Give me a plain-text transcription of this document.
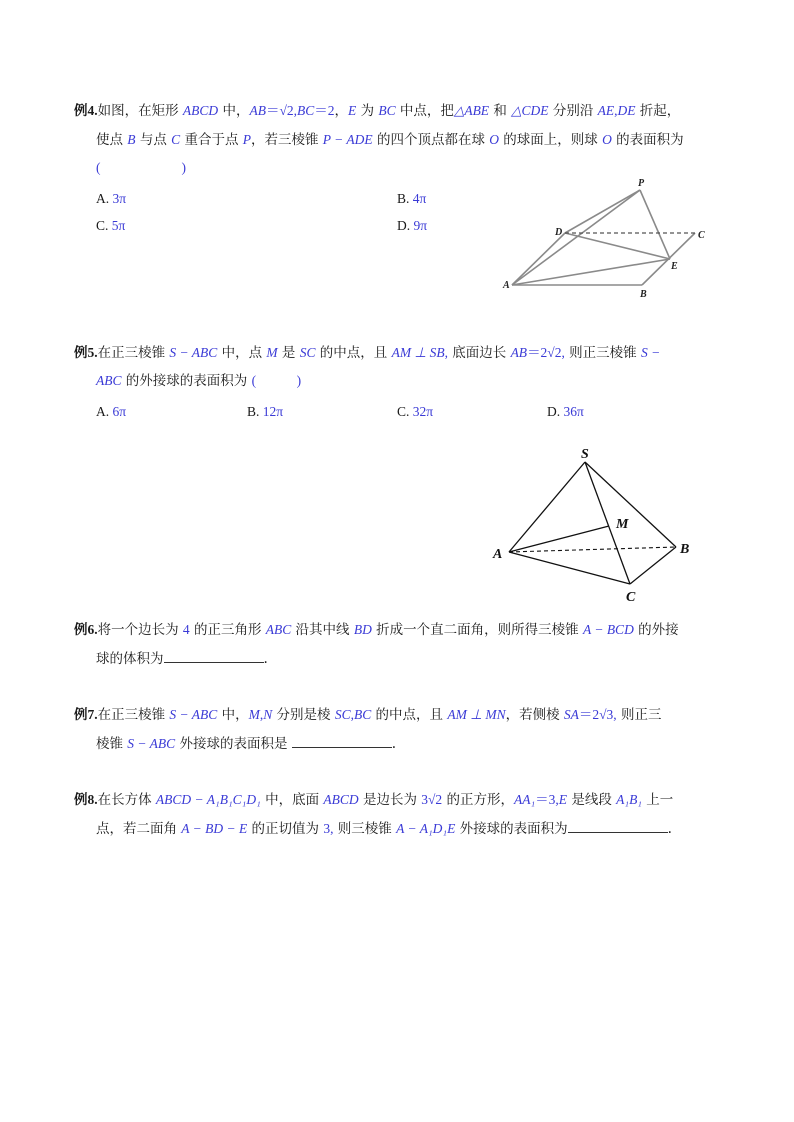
例4.如图，在矩形 ABCD 中，AB＝√2,BC＝2，E 为 BC 中点，把△ABE 和 △CDE 分别沿 AE,DE 折起，
使点 B 与点 C 重合于点 P，若三棱锥 P − ADE 的四个顶点都在球 O 的球面上，则球 O 的表面积为
(　　　　　　)
A. 3π	B. 4π
C. 5π	D. 9π
P
D	C
E
A
B
例5.在正三棱锥 S − ABC 中，点 M 是 SC 的中点，且 AM ⊥ SB, 底面边长 AB＝2√2, 则正三棱锥 S −
ABC 的外接球的表面积为 (　　　)
A. 6π	B. 12π	C. 32π	D. 36π
S
M
A	B
C
例6.将一个边长为 4 的正三角形 ABC 沿其中线 BD 折成一个直二面角，则所得三棱锥 A − BCD 的外接
球的体积为	.
例7.在正三棱锥 S − ABC 中，M,N 分别是棱 SC,BC 的中点，且 AM ⊥ MN，若侧棱 SA＝2√3, 则正三
棱锥 S − ABC 外接球的表面积是	.
例8.在长方体 ABCD − A₁B₁C₁D₁ 中，底面 ABCD 是边长为 3√2 的正方形，AA₁＝3,E 是线段 A₁B₁ 上一
点，若二面角 A − BD − E 的正切值为 3, 则三棱锥 A − A₁D₁E 外接球的表面积为	.
